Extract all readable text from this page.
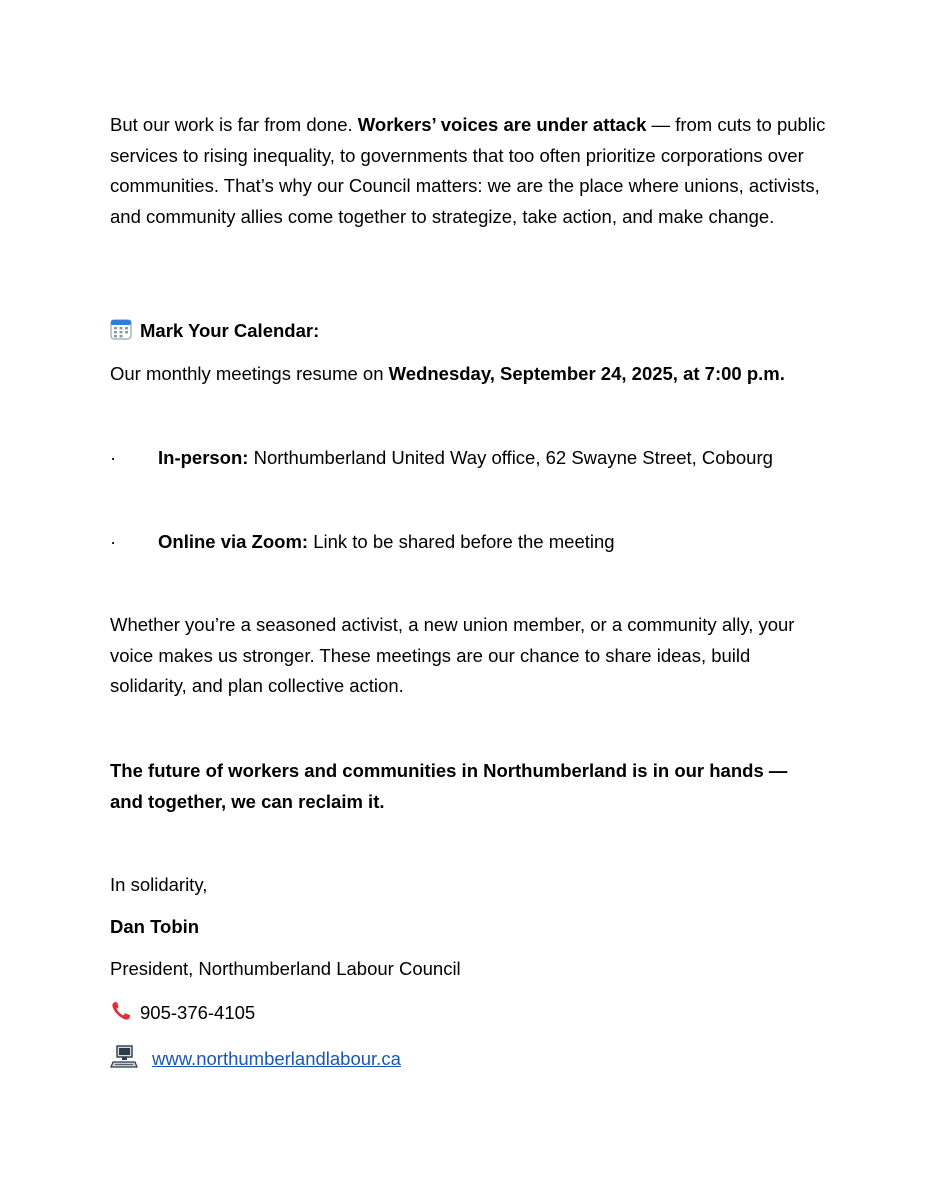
But our work is far from done. Workers’ voices are under attack — from cuts to public services to rising inequality, to governments that too often prioritize corporations over communities. That’s why our Council matters: we are the place where unions, activists, and community allies come together to strategize, take action, and make change.

Mark Your Calendar:
Our monthly meetings resume on Wednesday, September 24, 2025, at 7:00 p.m.
· In-person: Northumberland United Way office, 62 Swayne Street, Cobourg
· Online via Zoom: Link to be shared before the meeting

Whether you’re a seasoned activist, a new union member, or a community ally, your voice makes us stronger. These meetings are our chance to share ideas, build solidarity, and plan collective action.

The future of workers and communities in Northumberland is in our hands — and together, we can reclaim it.

In solidarity,
Dan Tobin
President, Northumberland Labour Council
905-376-4105
www.northumberlandlabour.ca
